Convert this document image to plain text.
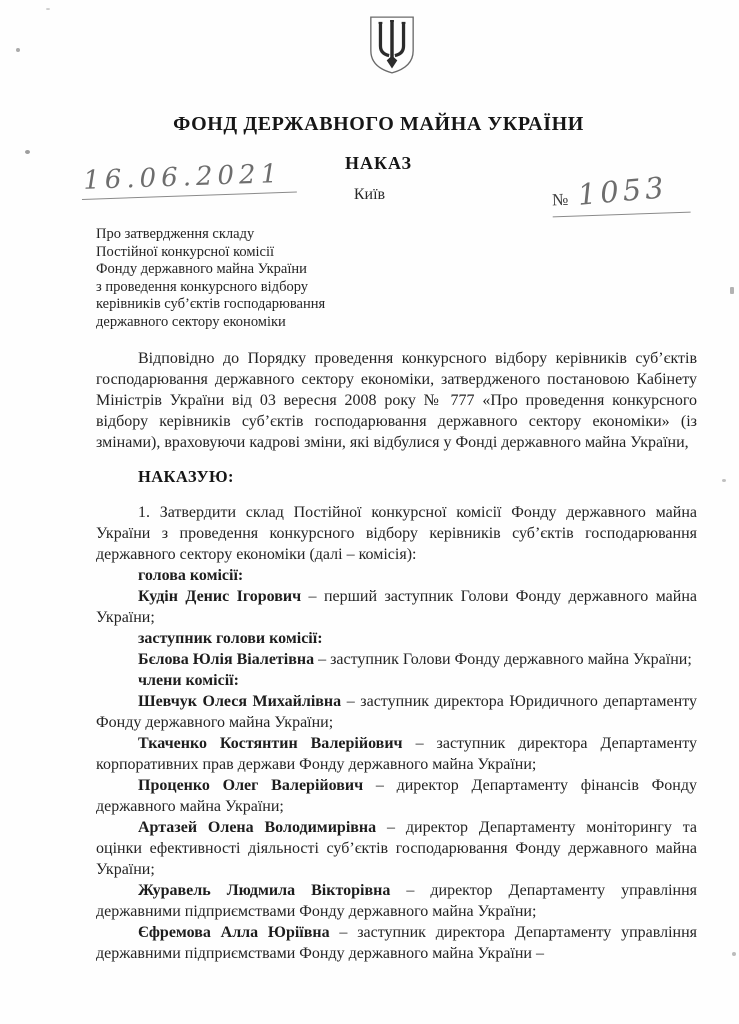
ФОНД ДЕРЖАВНОГО МАЙНА УКРАЇНИ
НАКАЗ
16.06.2021	Київ	№ 1053
Про затвердження складу
Постійної конкурсної комісії
Фонду державного майна України
з проведення конкурсного відбору
керівників суб’єктів господарювання
державного сектору економіки

Відповідно до Порядку проведення конкурсного відбору керівників суб’єктів господарювання державного сектору економіки, затвердженого постановою Кабінету Міністрів України від 03 вересня 2008 року № 777 «Про проведення конкурсного відбору керівників суб’єктів господарювання державного сектору економіки» (із змінами), враховуючи кадрові зміни, які відбулися у Фонді державного майна України,

НАКАЗУЮ:

1. Затвердити склад Постійної конкурсної комісії Фонду державного майна України з проведення конкурсного відбору керівників суб’єктів господарювання державного сектору економіки (далі – комісія):

голова комісії:

Кудін Денис Ігорович – перший заступник Голови Фонду державного майна України;

заступник голови комісії:

Бєлова Юлія Віалетівна – заступник Голови Фонду державного майна України;

члени комісії:

Шевчук Олеся Михайлівна – заступник директора Юридичного департаменту Фонду державного майна України;

Ткаченко Костянтин Валерійович – заступник директора Департаменту корпоративних прав держави Фонду державного майна України;

Проценко Олег Валерійович – директор Департаменту фінансів Фонду державного майна України;

Артазей Олена Володимирівна – директор Департаменту моніторингу та оцінки ефективності діяльності суб’єктів господарювання Фонду державного майна України;

Журавель Людмила Вікторівна – директор Департаменту управління державними підприємствами Фонду державного майна України;

Єфремова Алла Юріївна – заступник директора Департаменту управління державними підприємствами Фонду державного майна України –
